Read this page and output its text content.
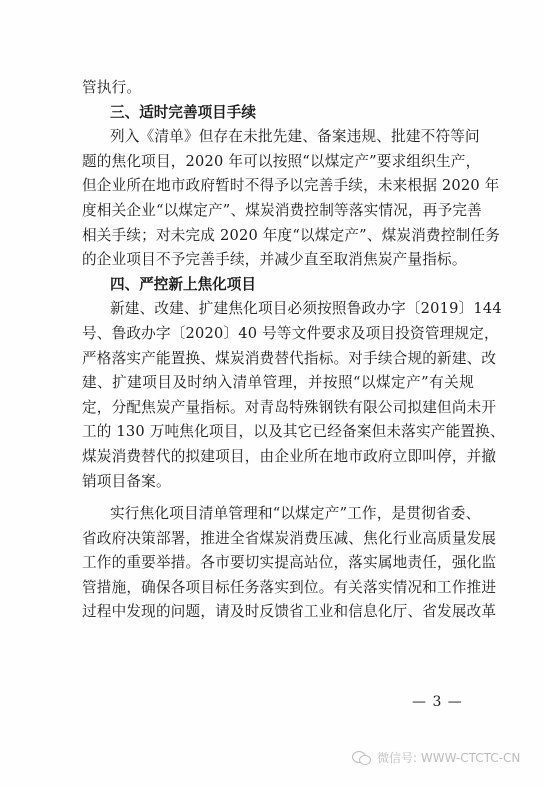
管执行。
三、适时完善项目手续
列入《清单》但存在未批先建、备案违规、批建不符等问
题的焦化项目，2020 年可以按照“以煤定产”要求组织生产，
但企业所在地市政府暂时不得予以完善手续，未来根据 2020 年
度相关企业“以煤定产”、煤炭消费控制等落实情况，再予完善
相关手续；对未完成 2020 年度“以煤定产”、煤炭消费控制任务
的企业项目不予完善手续，并减少直至取消焦炭产量指标。
四、严控新上焦化项目
新建、改建、扩建焦化项目必须按照鲁政办字〔2019〕144
号、鲁政办字〔2020〕40 号等文件要求及项目投资管理规定，
严格落实产能置换、煤炭消费替代指标。对手续合规的新建、改
建、扩建项目及时纳入清单管理，并按照“以煤定产”有关规
定，分配焦炭产量指标。对青岛特殊钢铁有限公司拟建但尚未开
工的 130 万吨焦化项目，以及其它已经备案但未落实产能置换、
煤炭消费替代的拟建项目，由企业所在地市政府立即叫停，并撤
销项目备案。
实行焦化项目清单管理和“以煤定产”工作，是贯彻省委、
省政府决策部署，推进全省煤炭消费压减、焦化行业高质量发展
工作的重要举措。各市要切实提高站位，落实属地责任，强化监
管措施，确保各项目标任务落实到位。有关落实情况和工作推进
过程中发现的问题，请及时反馈省工业和信息化厅、省发展改革
— 3 —
微信号: WWW-CTCTC-CN
